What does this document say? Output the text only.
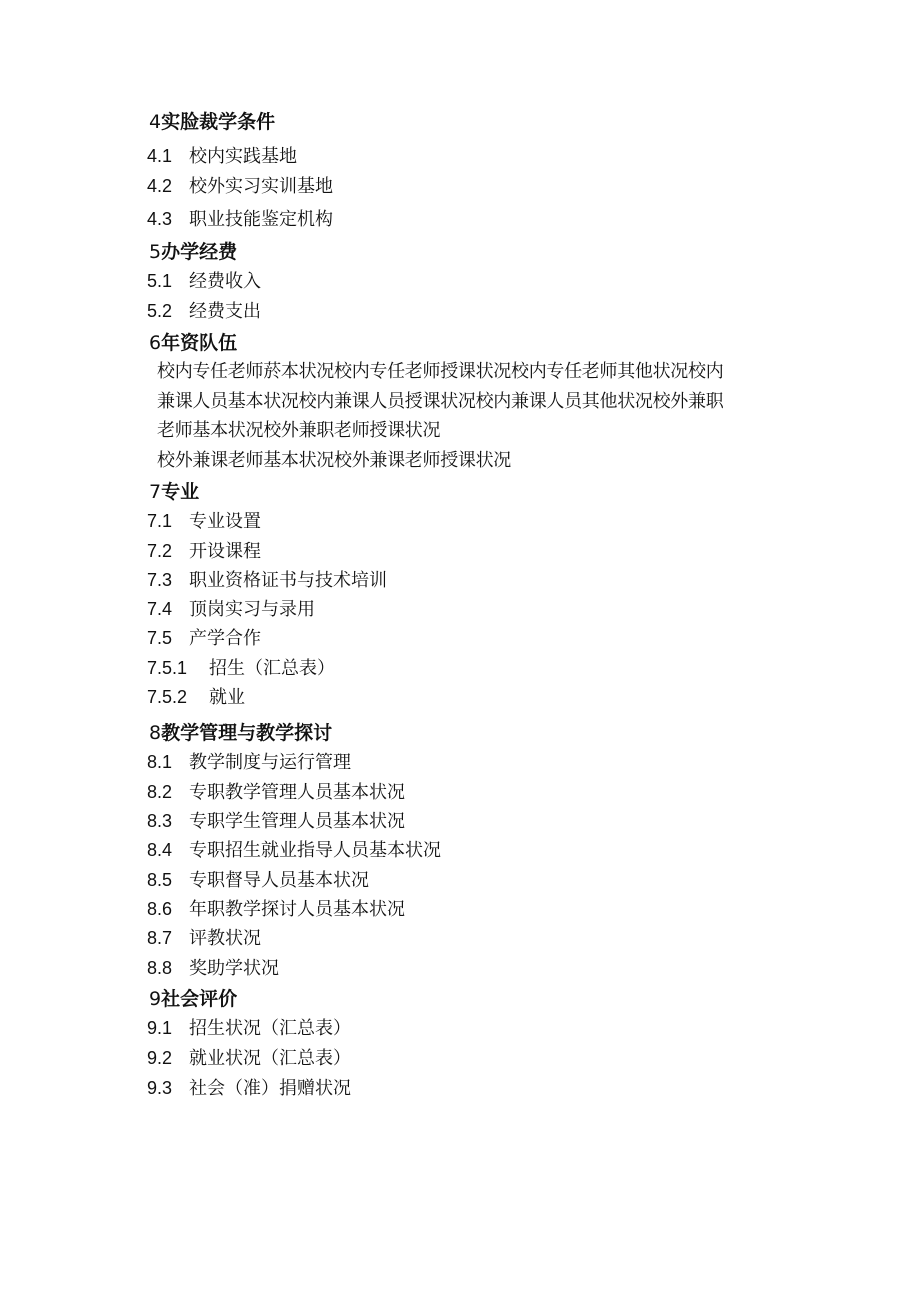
4实脸裁学条件
4.1 校内实践基地
4.2 校外实习实训基地
4.3 职业技能鉴定机构
5办学经费
5.1 经费收入
5.2 经费支出
6年资队伍
校内专任老师菸本状况校内专任老师授课状况校内专任老师其他状况校内
兼课人员基本状况校内兼课人员授课状况校内兼课人员其他状况校外兼职
老师基本状况校外兼职老师授课状况
校外兼课老师基本状况校外兼课老师授课状况
7专业
7.1 专业设置
7.2 开设课程
7.3 职业资格证书与技术培训
7.4 顶岗实习与录用
7.5 产学合作
7.5.1 招生（汇总表）
7.5.2 就业
8教学管理与教学探讨
8.1 教学制度与运行管理
8.2 专职教学管理人员基本状况
8.3 专职学生管理人员基本状况
8.4 专职招生就业指导人员基本状况
8.5 专职督导人员基本状况
8.6 年职教学探讨人员基本状况
8.7 评教状况
8.8 奖助学状况
9社会评价
9.1 招生状况（汇总表）
9.2 就业状况（汇总表）
9.3 社会（准）捐赠状况
